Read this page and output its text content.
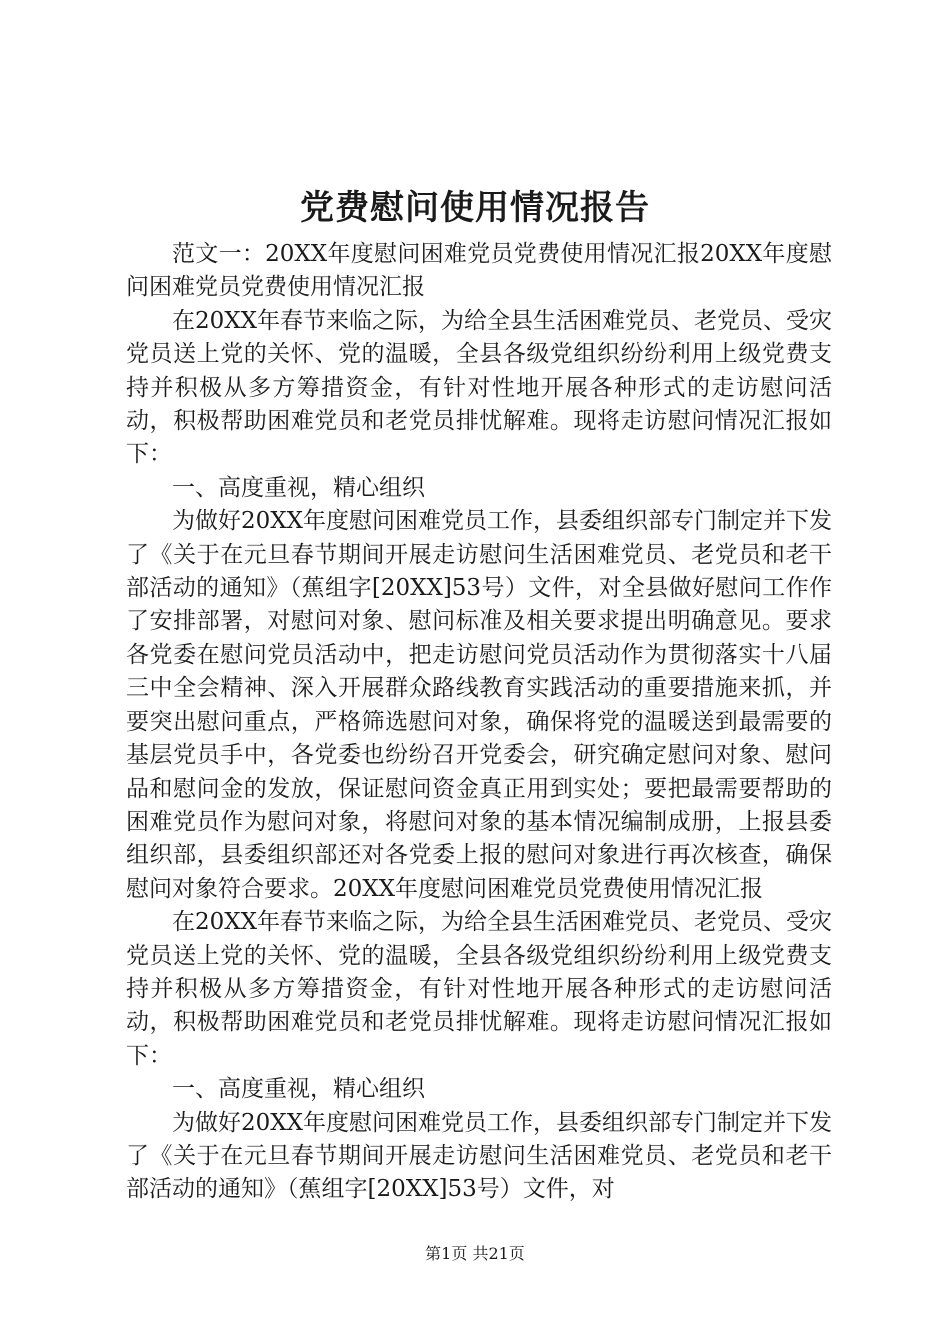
党费慰问使用情况报告

范文一：20XX年度慰问困难党员党费使用情况汇报20XX年度慰问困难党员党费使用情况汇报

在20XX年春节来临之际，为给全县生活困难党员、老党员、受灾党员送上党的关怀、党的温暖，全县各级党组织纷纷利用上级党费支持并积极从多方筹措资金，有针对性地开展各种形式的走访慰问活动，积极帮助困难党员和老党员排忧解难。现将走访慰问情况汇报如下：

一、高度重视，精心组织

为做好20XX年度慰问困难党员工作，县委组织部专门制定并下发了《关于在元旦春节期间开展走访慰问生活困难党员、老党员和老干部活动的通知》（蕉组字[20XX]53号）文件，对全县做好慰问工作作了安排部署，对慰问对象、慰问标准及相关要求提出明确意见。要求各党委在慰问党员活动中，把走访慰问党员活动作为贯彻落实十八届三中全会精神、深入开展群众路线教育实践活动的重要措施来抓，并要突出慰问重点，严格筛选慰问对象，确保将党的温暖送到最需要的基层党员手中，各党委也纷纷召开党委会，研究确定慰问对象、慰问品和慰问金的发放，保证慰问资金真正用到实处；要把最需要帮助的困难党员作为慰问对象，将慰问对象的基本情况编制成册，上报县委组织部，县委组织部还对各党委上报的慰问对象进行再次核查，确保慰问对象符合要求。20XX年度慰问困难党员党费使用情况汇报

在20XX年春节来临之际，为给全县生活困难党员、老党员、受灾党员送上党的关怀、党的温暖，全县各级党组织纷纷利用上级党费支持并积极从多方筹措资金，有针对性地开展各种形式的走访慰问活动，积极帮助困难党员和老党员排忧解难。现将走访慰问情况汇报如下：

一、高度重视，精心组织

为做好20XX年度慰问困难党员工作，县委组织部专门制定并下发了《关于在元旦春节期间开展走访慰问生活困难党员、老党员和老干部活动的通知》（蕉组字[20XX]53号）文件，对

第1页 共21页
